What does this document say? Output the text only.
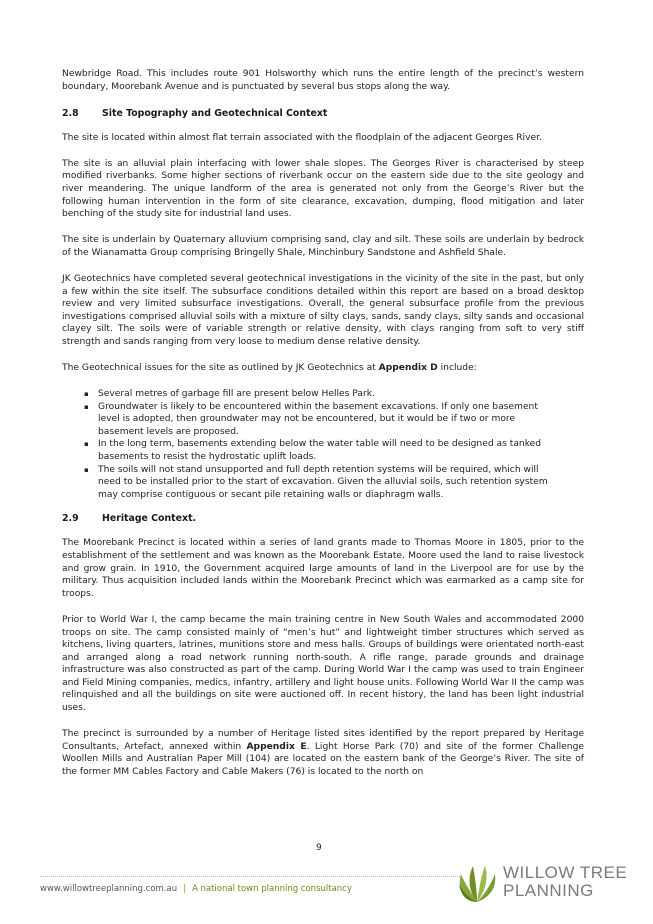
Newbridge Road. This includes route 901 Holsworthy which runs the entire length of the precinct’s western boundary, Moorebank Avenue and is punctuated by several bus stops along the way.

2.8 Site Topography and Geotechnical Context

The site is located within almost flat terrain associated with the floodplain of the adjacent Georges River.

The site is an alluvial plain interfacing with lower shale slopes. The Georges River is characterised by steep modified riverbanks. Some higher sections of riverbank occur on the eastern side due to the site geology and river meandering. The unique landform of the area is generated not only from the George’s River but the following human intervention in the form of site clearance, excavation, dumping, flood mitigation and later benching of the study site for industrial land uses.

The site is underlain by Quaternary alluvium comprising sand, clay and silt. These soils are underlain by bedrock of the Wianamatta Group comprising Bringelly Shale, Minchinbury Sandstone and Ashfield Shale.

JK Geotechnics have completed several geotechnical investigations in the vicinity of the site in the past, but only a few within the site itself. The subsurface conditions detailed within this report are based on a broad desktop review and very limited subsurface investigations. Overall, the general subsurface profile from the previous investigations comprised alluvial soils with a mixture of silty clays, sands, sandy clays, silty sands and occasional clayey silt. The soils were of variable strength or relative density, with clays ranging from soft to very stiff strength and sands ranging from very loose to medium dense relative density.

The Geotechnical issues for the site as outlined by JK Geotechnics at Appendix D include:

▪ Several metres of garbage fill are present below Helles Park.
▪ Groundwater is likely to be encountered within the basement excavations. If only one basement level is adopted, then groundwater may not be encountered, but it would be if two or more basement levels are proposed.
▪ In the long term, basements extending below the water table will need to be designed as tanked basements to resist the hydrostatic uplift loads.
▪ The soils will not stand unsupported and full depth retention systems will be required, which will need to be installed prior to the start of excavation. Given the alluvial soils, such retention system may comprise contiguous or secant pile retaining walls or diaphragm walls.
2.9 Heritage Context.

The Moorebank Precinct is located within a series of land grants made to Thomas Moore in 1805, prior to the establishment of the settlement and was known as the Moorebank Estate. Moore used the land to raise livestock and grow grain. In 1910, the Government acquired large amounts of land in the Liverpool are for use by the military. Thus acquisition included lands within the Moorebank Precinct which was earmarked as a camp site for troops.

Prior to World War I, the camp became the main training centre in New South Wales and accommodated 2000 troops on site. The camp consisted mainly of “men’s hut” and lightweight timber structures which served as kitchens, living quarters, latrines, munitions store and mess halls. Groups of buildings were orientated north-east and arranged along a road network running north-south. A rifle range, parade grounds and drainage infrastructure was also constructed as part of the camp. During World War I the camp was used to train Engineer and Field Mining companies, medics, infantry, artillery and light house units. Following World War II the camp was relinquished and all the buildings on site were auctioned off. In recent history, the land has been light industrial uses.

The precinct is surrounded by a number of Heritage listed sites identified by the report prepared by Heritage Consultants, Artefact, annexed within Appendix E. Light Horse Park (70) and site of the former Challenge Woollen Mills and Australian Paper Mill (104) are located on the eastern bank of the George’s River. The site of the former MM Cables Factory and Cable Makers (76) is located to the north on

9
www.willowtreeplanning.com.au | A national town planning consultancy
WILLOW TREE
PLANNING
